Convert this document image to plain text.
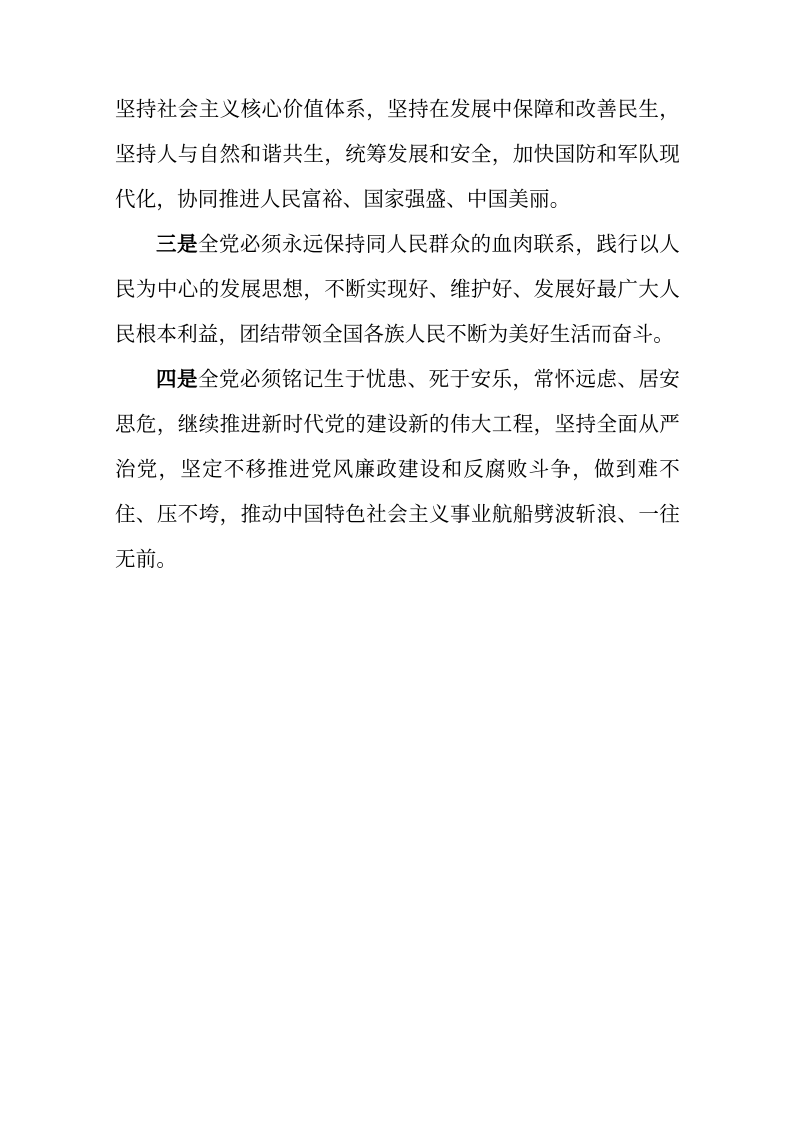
坚持社会主义核心价值体系，坚持在发展中保障和改善民生，坚持人与自然和谐共生，统筹发展和安全，加快国防和军队现代化，协同推进人民富裕、国家强盛、中国美丽。

三是全党必须永远保持同人民群众的血肉联系，践行以人民为中心的发展思想，不断实现好、维护好、发展好最广大人民根本利益，团结带领全国各族人民不断为美好生活而奋斗。

四是全党必须铭记生于忧患、死于安乐，常怀远虑、居安思危，继续推进新时代党的建设新的伟大工程，坚持全面从严治党，坚定不移推进党风廉政建设和反腐败斗争，做到难不住、压不垮，推动中国特色社会主义事业航船劈波斩浪、一往无前。
